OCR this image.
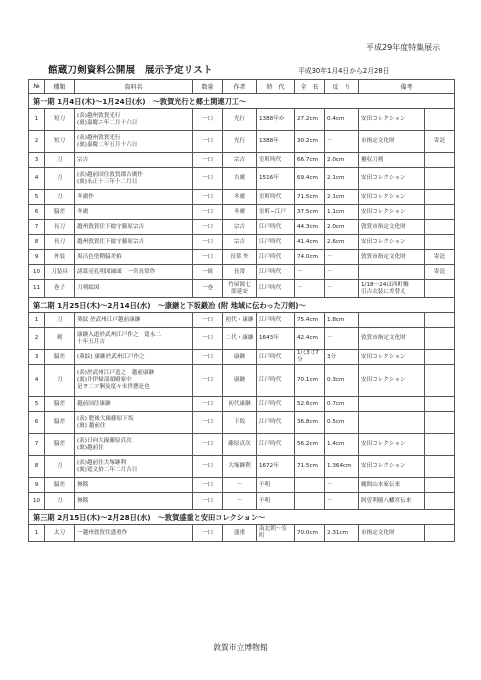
平成29年度特集展示
館蔵刀剣資料公開展　展示予定リスト	平成30年1月4日から2月28日
№	種類	資料名	数量	作者	時　代	全　長	反　り	備考	
第一期 1月4日(木)〜1月24日(水)　〜敦賀光行と郷土関連刀工〜									
1	短刀	(表)越州敦賀光行
(裏)嘉慶ニ年二月十六日	一口	光行	1388年か	27.2cm	0.4cm	安田コレクション	
2	短刀	(表)越州敦賀光行
(裏)嘉慶二年五月十六日	一口	光行	1388年	30.2cm	－	市指定文化財	寄託
3	刀	宗吉	一口	宗吉	室町時代	66.7cm	2.0cm	擾収刀剣	
4	刀	(表)越前国住敦賀郡吉廣作
(裏)永正十三年十二月日	一口	吉廣	1516年	69.4cm	2.1cm	安田コレクション	
5	刀	冬廣作	一口	冬廣	室町時代	71.5cm	2.1cm	安田コレクション	
6	脇差	冬廣	一口	冬廣	室町−江戸	37.5cm	1.1cm	安田コレクション	
7	長刀	越州敦賀住下総守藤原宗吉	一口	宗吉	江戸時代	44.3cm	2.0cm	敦賀市指定文化財	
8	長刀	越州敦賀住下総守藤原宗吉	一口	宗吉	江戸時代	41.4cm	2.6cm	安田コレクション	
9	外装	黒呂色塗鞘脇差拵	一口	長常 外	江戸時代	74.0cm	－	敦賀市指定文化財	寄託
10	刀装具	諸葛亮孔明図縁頭　一宮長常作	一組	長常	江戸時代	－	－		寄託
11	巻子	刀剣絵図	一巻	竹屋源七
郎延安	江戸時代	－	－	1/18〜24は西町鯛
引古衣装に差替え	
第二期 1月25日(木)〜2月14日(水)　〜康継と下坂鍛冶 (附 地域に伝わった刀剣)〜									
1	刀	葵紋 於武州江戸越前康継	一口	初代・康継	江戸時代	75.4cm	1.8cm		
2	剣	康継入道於武州江戸作之　寛永二
十年五月吉	一口	二代・康継	1643年	42.4cm	－	敦賀市指定文化財	
3	脇差	(葵紋) 康継於武州江戸作之	一口	康継	江戸時代	1尺3寸7分	3分	安田コレクション	
4	刀	(表)於武州江戸造之　越前康継
(裏)井伊掃部頭殿家中
是ヲ二ツ胴及度々末世懸是也	一口	康継	江戸時代	70.1cm	0.3cm	安田コレクション	
5	脇差	越前国住康継	一口	初代康継	江戸時代	52.6cm	0.7cm		
6	脇差	(表) 肥後大掾藤原下坂
(裏) 越前住	一口	下坂	江戸時代	36.8cm	0.5cm		
7	脇差	(表)日向大掾藤原貞次
(裏)越前住	一口	藤原貞次	江戸時代	56.2cm	1.4cm	安田コレクション	
8	刀	(表)越前住大塚継利
(裏)寛文拾二年二月吉日	一口	大塚継利	1672年	71.5cm	1.364cm	安田コレクション	
9	脇差	無銘	一口	－	不明		－	縄間山本家伝来	
10	刀	無銘	一口	－	不明		－	阿曽利稲八幡宮伝来	
第三期 2月15日(木)〜2月28日(水)　〜敦賀盛重と安田コレクション〜									
1	太刀	一越州敦賀住盛重作	一口	盛重	南北朝〜室町	70.0cm	2.31cm	市指定文化財	
敦賀市立博物館
